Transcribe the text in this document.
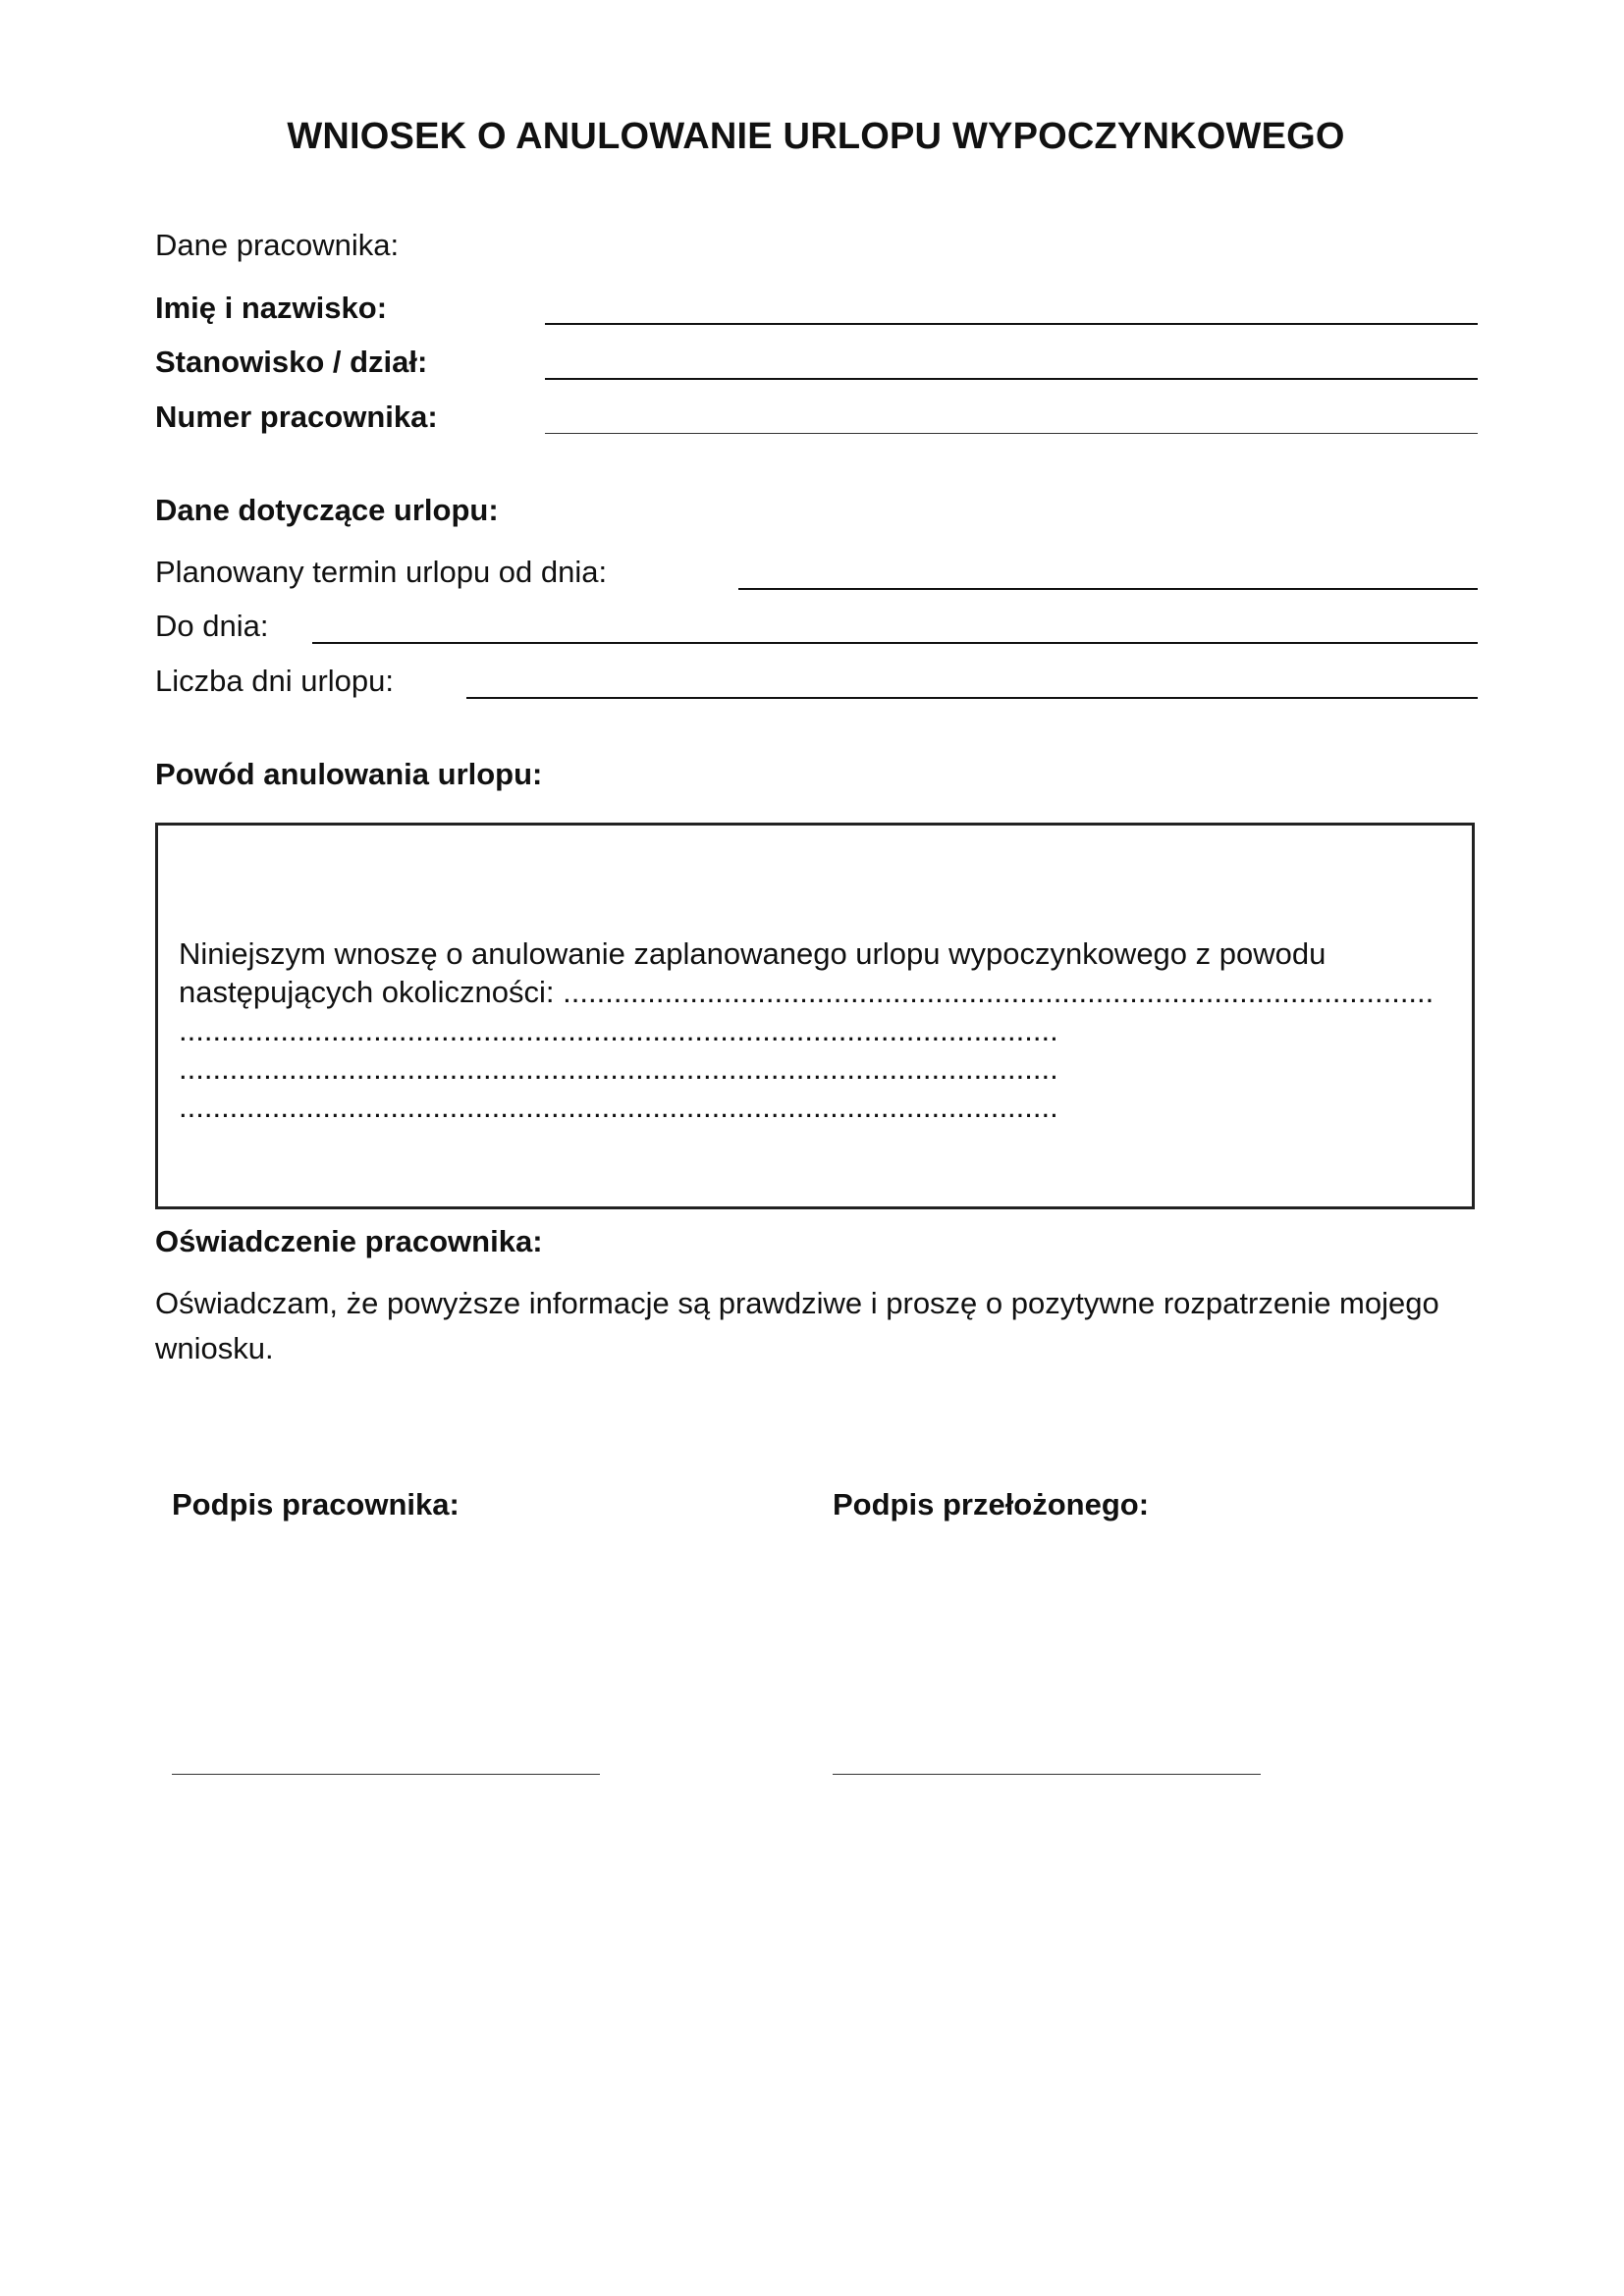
WNIOSEK O ANULOWANIE URLOPU WYPOCZYNKOWEGO
Dane pracownika:
Imię i nazwisko:
Stanowisko / dział:
Numer pracownika:
Dane dotyczące urlopu:
Planowany termin urlopu od dnia:
Do dnia:
Liczba dni urlopu:
Powód anulowania urlopu:
Niniejszym wnoszę o anulowanie zaplanowanego urlopu wypoczynkowego z powodu
następujących okoliczności: .......................................................................................................
........................................................................................................
........................................................................................................
........................................................................................................
Oświadczenie pracownika:
Oświadczam, że powyższe informacje są prawdziwe i proszę o pozytywne rozpatrzenie mojego wniosku.
Podpis pracownika:	Podpis przełożonego:
